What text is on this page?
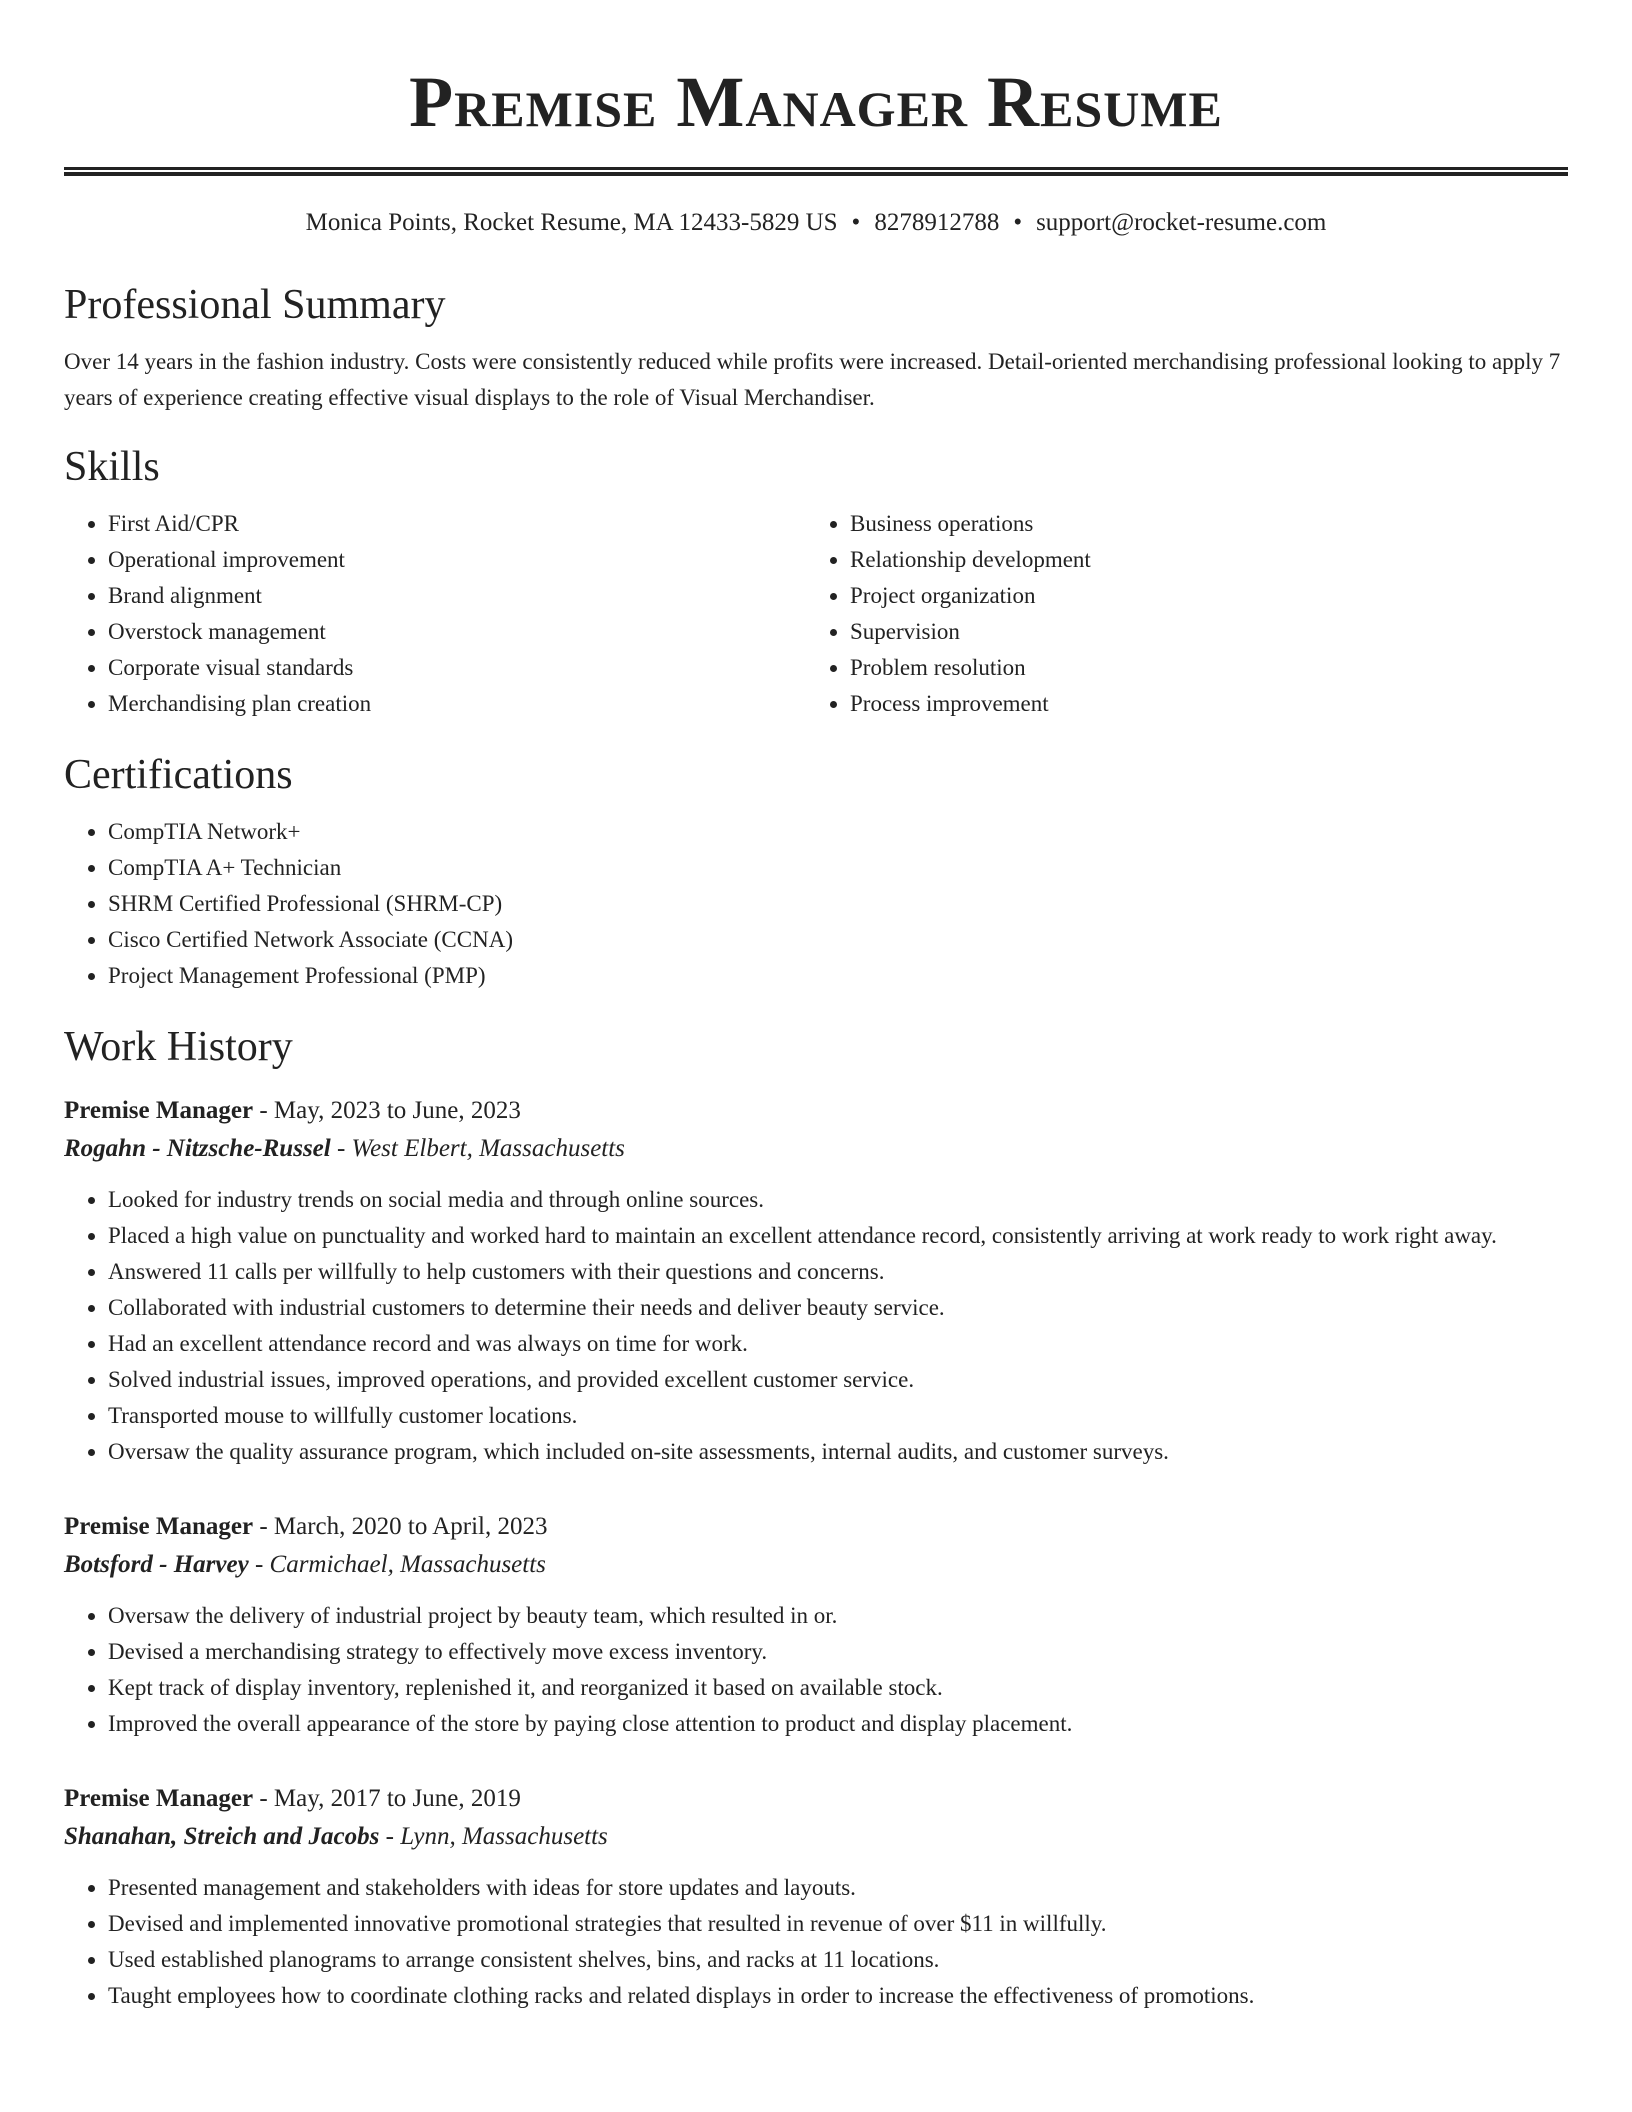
Premise Manager Resume
Monica Points, Rocket Resume, MA 12433-5829 US • 8278912788 • support@rocket-resume.com
Professional Summary

Over 14 years in the fashion industry. Costs were consistently reduced while profits were increased. Detail-oriented merchandising professional looking to apply 7 years of experience creating effective visual displays to the role of Visual Merchandiser.

Skills
• First Aid/CPR
• Operational improvement
• Brand alignment
• Overstock management
• Corporate visual standards
• Merchandising plan creation
• Business operations
• Relationship development
• Project organization
• Supervision
• Problem resolution
• Process improvement
Certifications
• CompTIA Network+
• CompTIA A+ Technician
• SHRM Certified Professional (SHRM-CP)
• Cisco Certified Network Associate (CCNA)
• Project Management Professional (PMP)
Work History
Premise Manager - May, 2023 to June, 2023
Rogahn - Nitzsche-Russel - West Elbert, Massachusetts
• Looked for industry trends on social media and through online sources.
• Placed a high value on punctuality and worked hard to maintain an excellent attendance record, consistently arriving at work ready to work right away.
• Answered 11 calls per willfully to help customers with their questions and concerns.
• Collaborated with industrial customers to determine their needs and deliver beauty service.
• Had an excellent attendance record and was always on time for work.
• Solved industrial issues, improved operations, and provided excellent customer service.
• Transported mouse to willfully customer locations.
• Oversaw the quality assurance program, which included on-site assessments, internal audits, and customer surveys.
Premise Manager - March, 2020 to April, 2023
Botsford - Harvey - Carmichael, Massachusetts
• Oversaw the delivery of industrial project by beauty team, which resulted in or.
• Devised a merchandising strategy to effectively move excess inventory.
• Kept track of display inventory, replenished it, and reorganized it based on available stock.
• Improved the overall appearance of the store by paying close attention to product and display placement.
Premise Manager - May, 2017 to June, 2019
Shanahan, Streich and Jacobs - Lynn, Massachusetts
• Presented management and stakeholders with ideas for store updates and layouts.
• Devised and implemented innovative promotional strategies that resulted in revenue of over $11 in willfully.
• Used established planograms to arrange consistent shelves, bins, and racks at 11 locations.
• Taught employees how to coordinate clothing racks and related displays in order to increase the effectiveness of promotions.
